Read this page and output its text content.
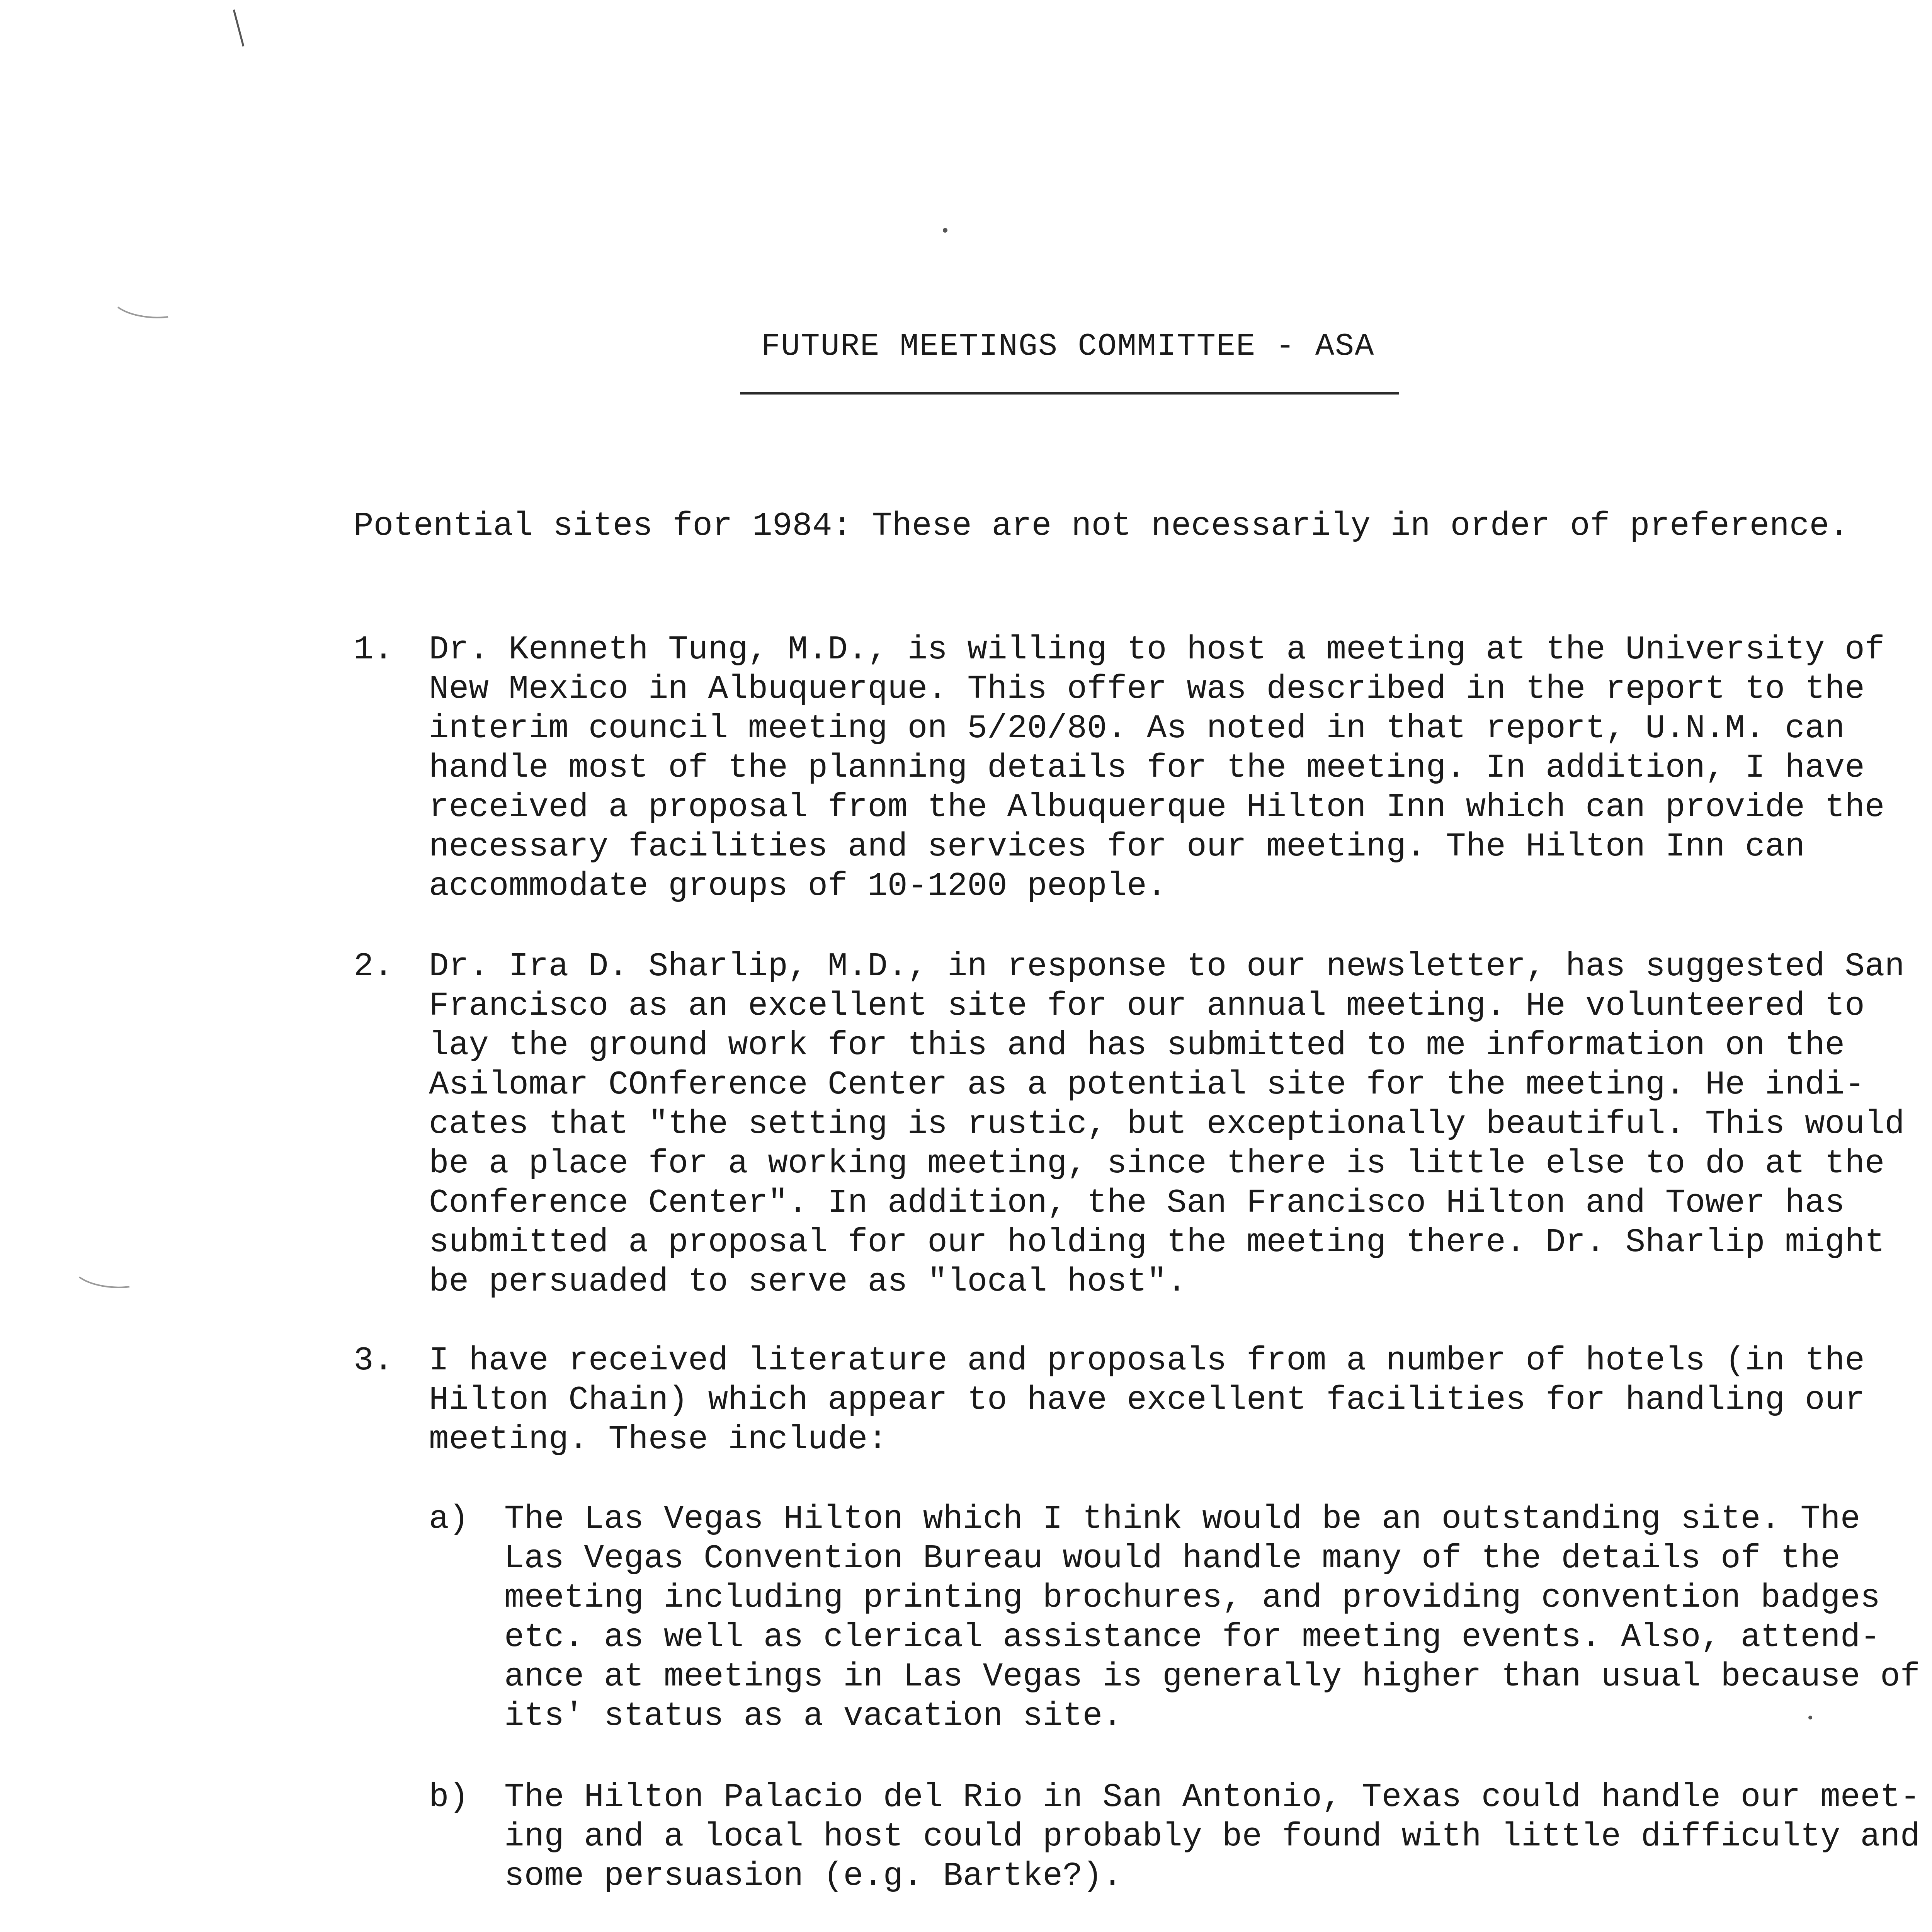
FUTURE MEETINGS COMMITTEE - ASA
Potential sites for 1984: These are not necessarily in order of preference.
1. Dr. Kenneth Tung, M.D., is willing to host a meeting at the University of
New Mexico in Albuquerque. This offer was described in the report to the
interim council meeting on 5/20/80. As noted in that report, U.N.M. can
handle most of the planning details for the meeting. In addition, I have
received a proposal from the Albuquerque Hilton Inn which can provide the
necessary facilities and services for our meeting. The Hilton Inn can
accommodate groups of 10-1200 people.
2. Dr. Ira D. Sharlip, M.D., in response to our newsletter, has suggested San
Francisco as an excellent site for our annual meeting. He volunteered to
lay the ground work for this and has submitted to me information on the
Asilomar COnference Center as a potential site for the meeting. He indi-
cates that "the setting is rustic, but exceptionally beautiful. This would
be a place for a working meeting, since there is little else to do at the
Conference Center". In addition, the San Francisco Hilton and Tower has
submitted a proposal for our holding the meeting there. Dr. Sharlip might
be persuaded to serve as "local host".
3. I have received literature and proposals from a number of hotels (in the
Hilton Chain) which appear to have excellent facilities for handling our
meeting. These include:
a) The Las Vegas Hilton which I think would be an outstanding site. The
Las Vegas Convention Bureau would handle many of the details of the
meeting including printing brochures, and providing convention badges
etc. as well as clerical assistance for meeting events. Also, attend-
ance at meetings in Las Vegas is generally higher than usual because of
its' status as a vacation site.
b) The Hilton Palacio del Rio in San Antonio, Texas could handle our meet-
ing and a local host could probably be found with little difficulty and
some persuasion (e.g. Bartke?).
